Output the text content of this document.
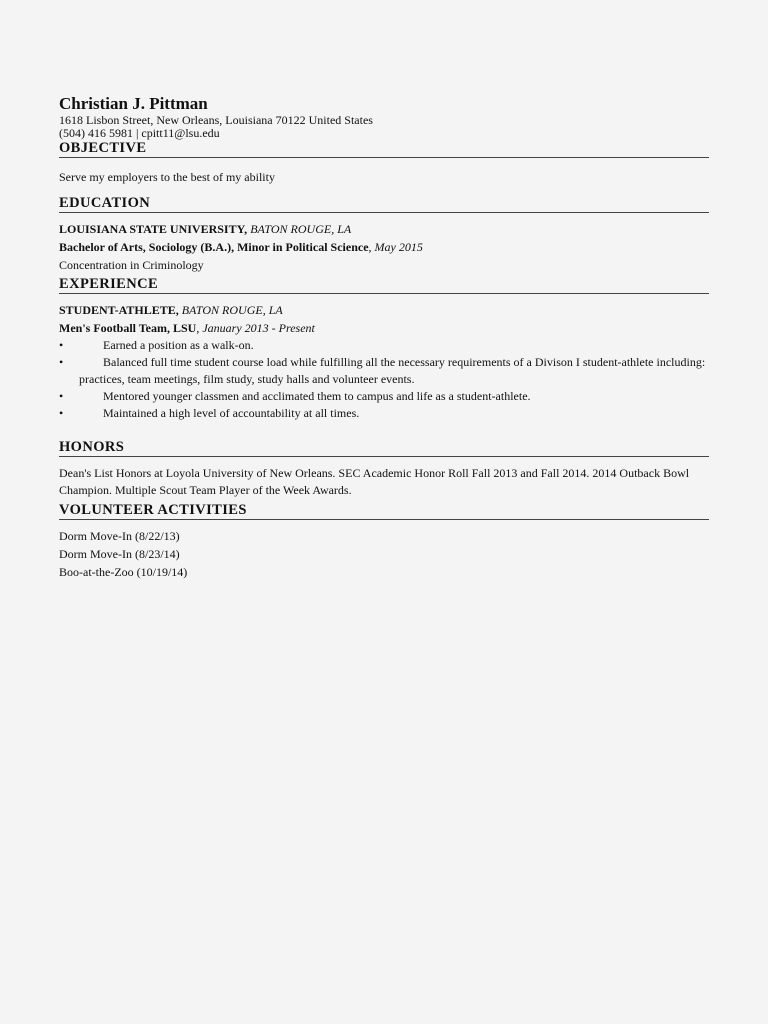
Christian J. Pittman
1618 Lisbon Street, New Orleans, Louisiana 70122 United States
(504) 416 5981 | cpitt11@lsu.edu
OBJECTIVE
Serve my employers to the best of my ability
EDUCATION
LOUISIANA STATE UNIVERSITY, BATON ROUGE, LA
Bachelor of Arts, Sociology (B.A.), Minor in Political Science, May 2015
Concentration in Criminology
EXPERIENCE
STUDENT-ATHLETE, BATON ROUGE, LA
Men's Football Team, LSU, January 2013 - Present
• Earned a position as a walk-on.
• Balanced full time student course load while fulfilling all the necessary requirements of a Divison I student-athlete including:
practices, team meetings, film study, study halls and volunteer events.
• Mentored younger classmen and acclimated them to campus and life as a student-athlete.
• Maintained a high level of accountability at all times.
HONORS
Dean's List Honors at Loyola University of New Orleans. SEC Academic Honor Roll Fall 2013 and Fall 2014. 2014 Outback Bowl Champion. Multiple Scout Team Player of the Week Awards.
VOLUNTEER ACTIVITIES
Dorm Move-In (8/22/13)
Dorm Move-In (8/23/14)
Boo-at-the-Zoo (10/19/14)
